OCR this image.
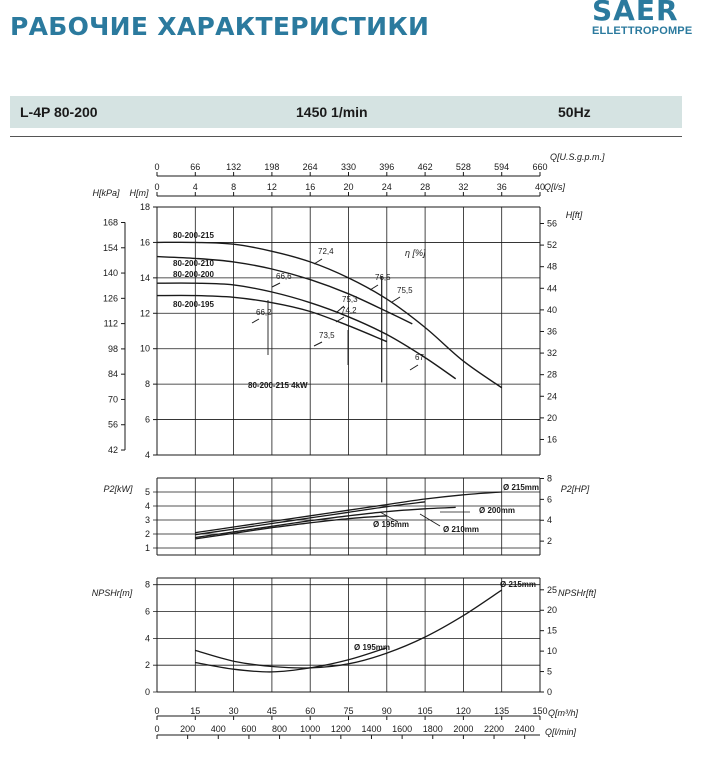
РАБОЧИЕ ХАРАКТЕРИСТИКИ	SAER
ELLETTROPOMPE
L-4P 80-200	1450 1/min	50Hz
0	66	132	198	264	330	396	462	528	594	660
0	4	8	12	16	20	24	28	32	36	40
Q[U.S.g.p.m.]
Q[l/s]
4
6
8
10
12
14
16
18
42
56
70
84
98
112
126
140
154
168
H[kPa] H[m]
16
20
24
28
32
36
40
44
48
52
56
H[ft]
80-200-215
80-200-210
80-200-200
80-200-195
80-200-215 4kW
η [%]
72,4
76,5
75,5
66,6
75,3
74,2
66,2
73,5
67
1
2
3
4
5
2
4
6
8
P2[kW]	P2[HP]
Ø 215mm
Ø 200mm
Ø 195mm
Ø 210mm
0
2
4
6
8
0
5
10
15
20
25
NPSHr[m]	NPSHr[ft]
Ø 215mm
Ø 195mm
0	15	30	45	60	75	90	105	120	135	150
0 200 400 600 800 1000 1200 1400 1600 1800 2000 2200 2400
Q[m³/h]
Q[l/min]
